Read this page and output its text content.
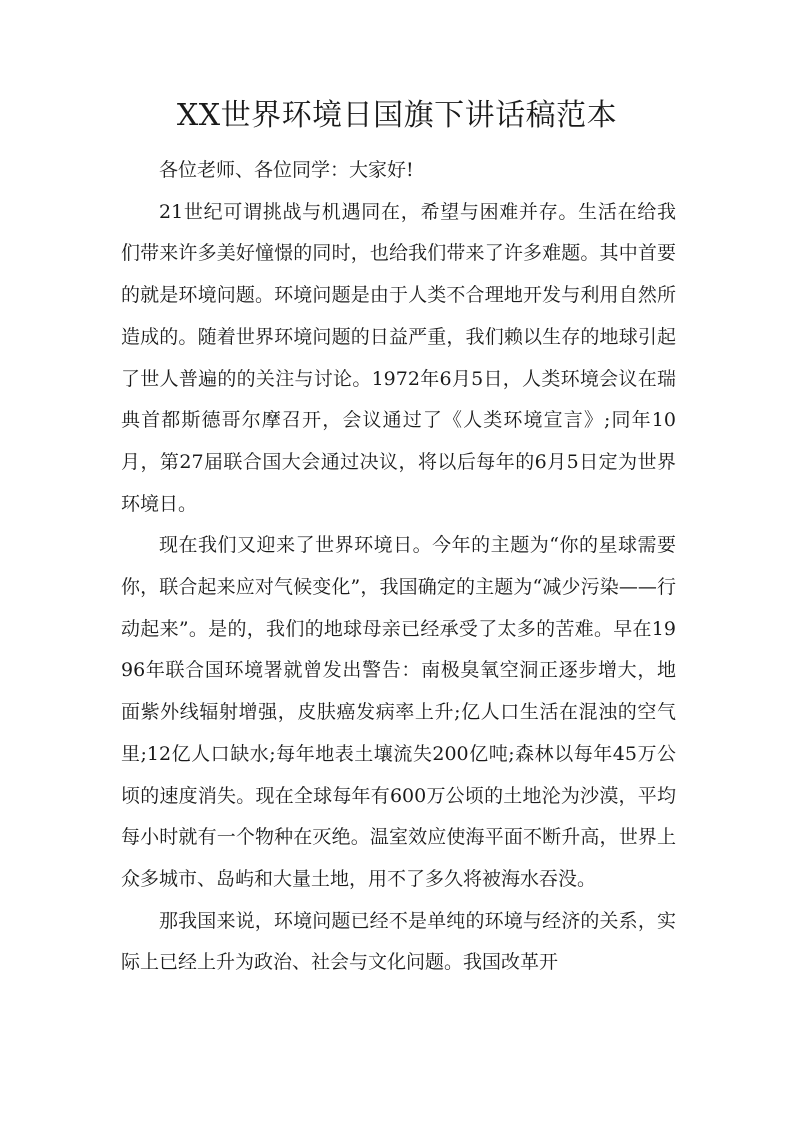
XX世界环境日国旗下讲话稿范本

各位老师、各位同学：大家好!

21世纪可谓挑战与机遇同在，希望与困难并存。生活在给我们带来许多美好憧憬的同时，也给我们带来了许多难题。其中首要的就是环境问题。环境问题是由于人类不合理地开发与利用自然所造成的。随着世界环境问题的日益严重，我们赖以生存的地球引起了世人普遍的的关注与讨论。1972年6月5日，人类环境会议在瑞典首都斯德哥尔摩召开，会议通过了《人类环境宣言》;同年10月，第27届联合国大会通过决议，将以后每年的6月5日定为世界环境日。

现在我们又迎来了世界环境日。今年的主题为“你的星球需要你，联合起来应对气候变化”，我国确定的主题为“减少污染——行动起来”。是的，我们的地球母亲已经承受了太多的苦难。早在1996年联合国环境署就曾发出警告：南极臭氧空洞正逐步增大，地面紫外线辐射增强，皮肤癌发病率上升;亿人口生活在混浊的空气里;12亿人口缺水;每年地表土壤流失200亿吨;森林以每年45万公顷的速度消失。现在全球每年有600万公顷的土地沦为沙漠，平均每小时就有一个物种在灭绝。温室效应使海平面不断升高，世界上众多城市、岛屿和大量土地，用不了多久将被海水吞没。

那我国来说，环境问题已经不是单纯的环境与经济的关系，实际上已经上升为政治、社会与文化问题。我国改革开
